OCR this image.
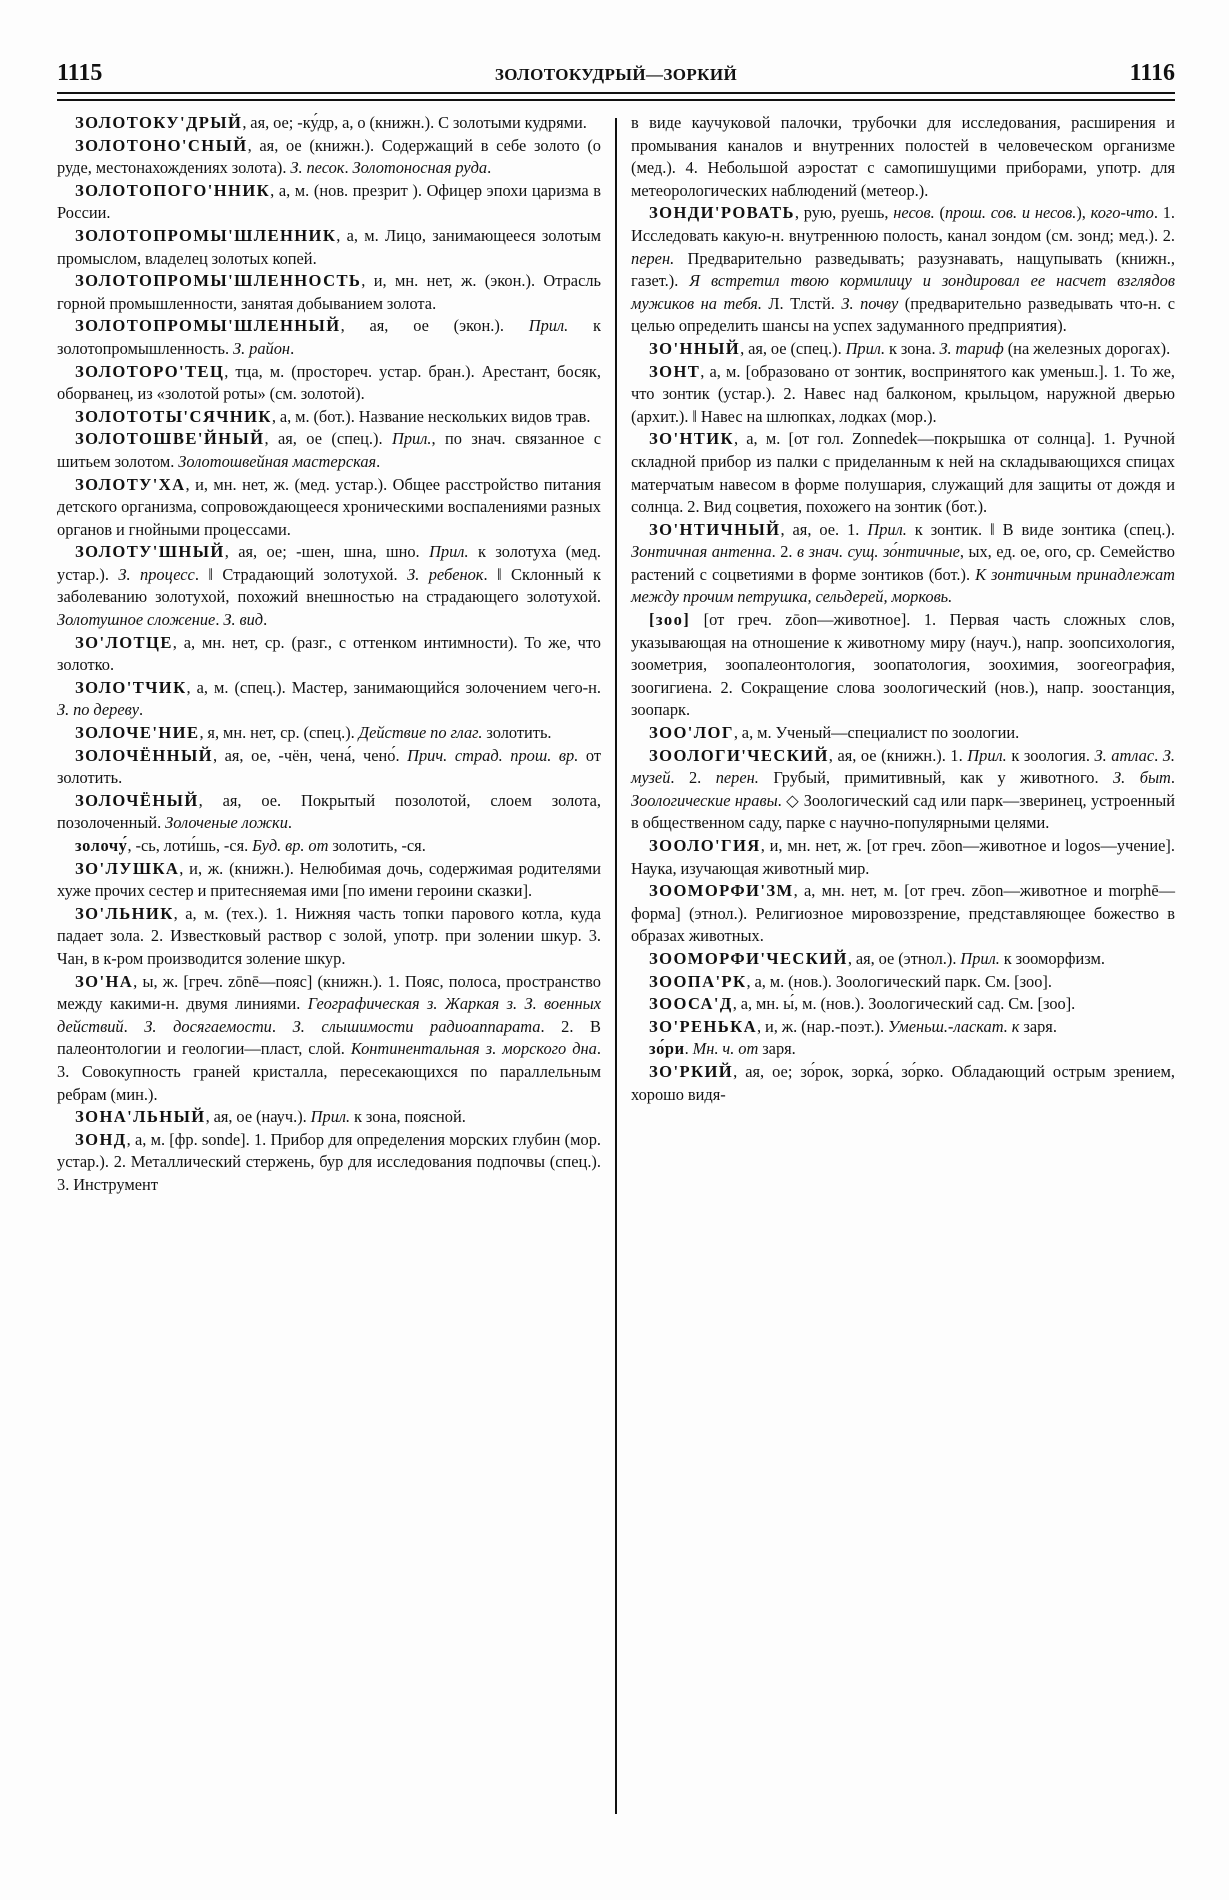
1115	ЗОЛОТОКУДРЫЙ—ЗОРКИЙ	1116

ЗОЛОТОКУ'ДРЫЙ, ая, ое; -ку́др, а, о (книжн.). С золотыми кудрями.

ЗОЛОТОНО'СНЫЙ, ая, ое (книжн.). Содержащий в себе золото (о руде, местонахождениях золота). З. песок. Золотоносная руда.

ЗОЛОТОПОГО'ННИК, а, м. (нов. презрит ). Офицер эпохи царизма в России.

ЗОЛОТОПРОМЫ'ШЛЕННИК, а, м. Лицо, занимающееся золотым промыслом, владелец золотых копей.

ЗОЛОТОПРОМЫ'ШЛЕННОСТЬ, и, мн. нет, ж. (экон.). Отрасль горной промышленности, занятая добыванием золота.

ЗОЛОТОПРОМЫ'ШЛЕННЫЙ, ая, ое (экон.). Прил. к золотопромышленность. З. район.

ЗОЛОТОРО'ТЕЦ, тца, м. (простореч. устар. бран.). Арестант, босяк, оборванец, из «золотой роты» (см. золотой).

ЗОЛОТОТЫ'СЯЧНИК, а, м. (бот.). Название нескольких видов трав.

ЗОЛОТОШВЕ'ЙНЫЙ, ая, ое (спец.). Прил., по знач. связанное с шитьем золотом. Золотошвейная мастерская.

ЗОЛОТУ'ХА, и, мн. нет, ж. (мед. устар.). Общее расстройство питания детского организма, сопровождающееся хроническими воспалениями разных органов и гнойными процессами.

ЗОЛОТУ'ШНЫЙ, ая, ое; -шен, шна, шно. Прил. к золотуха (мед. устар.). З. процесс. ‖ Страдающий золотухой. З. ребенок. ‖ Склонный к заболеванию золотухой, похожий внешностью на страдающего золотухой. Золотушное сложение. З. вид.

ЗО'ЛОТЦЕ, а, мн. нет, ср. (разг., с оттенком интимности). То же, что золотко.

ЗОЛО'ТЧИК, а, м. (спец.). Мастер, занимающийся золочением чего-н. З. по дереву.

ЗОЛОЧЕ'НИЕ, я, мн. нет, ср. (спец.). Действие по глаг. золотить.

ЗОЛОЧЁННЫЙ, ая, ое, -чён, чена́, чено́. Прич. страд. прош. вр. от золотить.

ЗОЛОЧЁНЫЙ, ая, ое. Покрытый позолотой, слоем золота, позолоченный. Золоченые ложки.

золочу́, -сь, лоти́шь, -ся. Буд. вр. от золотить, -ся.

ЗО'ЛУШКА, и, ж. (книжн.). Нелюбимая дочь, содержимая родителями хуже прочих сестер и притесняемая ими [по имени героини сказки].

ЗО'ЛЬНИК, а, м. (тех.). 1. Нижняя часть топки парового котла, куда падает зола. 2. Известковый раствор с золой, употр. при золении шкур. 3. Чан, в к-ром производится золение шкур.

ЗО'НА, ы, ж. [греч. zōnē—пояс] (книжн.). 1. Пояс, полоса, пространство между какими-н. двумя линиями. Географическая з. Жаркая з. З. военных действий. З. досягаемости. З. слышимости радиоаппарата. 2. В палеонтологии и геологии—пласт, слой. Континентальная з. морского дна. 3. Совокупность граней кристалла, пересекающихся по параллельным ребрам (мин.).

ЗОНА'ЛЬНЫЙ, ая, ое (науч.). Прил. к зона, поясной.

ЗОНД, а, м. [фр. sonde]. 1. Прибор для определения морских глубин (мор. устар.). 2. Металлический стержень, бур для исследования подпочвы (спец.). 3. Инструмент

в виде каучуковой палочки, трубочки для исследования, расширения и промывания каналов и внутренних полостей в человеческом организме (мед.). 4. Небольшой аэростат с самопишущими приборами, употр. для метеорологических наблюдений (метеор.).

ЗОНДИ'РОВАТЬ, рую, руешь, несов. (прош. сов. и несов.), кого-что. 1. Исследовать какую-н. внутреннюю полость, канал зондом (см. зонд; мед.). 2. перен. Предварительно разведывать; разузнавать, нащупывать (книжн., газет.). Я встретил твою кормилицу и зондировал ее насчет взглядов мужиков на тебя. Л. Тлстй. З. почву (предварительно разведывать что-н. с целью определить шансы на успех задуманного предприятия).

ЗО'ННЫЙ, ая, ое (спец.). Прил. к зона. З. тариф (на железных дорогах).

ЗОНТ, а, м. [образовано от зонтик, воспринятого как уменьш.]. 1. То же, что зонтик (устар.). 2. Навес над балконом, крыльцом, наружной дверью (архит.). ‖ Навес на шлюпках, лодках (мор.).

ЗО'НТИК, а, м. [от гол. Zonnedek—покрышка от солнца]. 1. Ручной складной прибор из палки с приделанным к ней на складывающихся спицах матерчатым навесом в форме полушария, служащий для защиты от дождя и солнца. 2. Вид соцветия, похожего на зонтик (бот.).

ЗО'НТИЧНЫЙ, ая, ое. 1. Прил. к зонтик. ‖ В виде зонтика (спец.). Зонтичная антенна. 2. в знач. сущ. зо́нтичные, ых, ед. ое, ого, ср. Семейство растений с соцветиями в форме зонтиков (бот.). К зонтичным принадлежат между прочим петрушка, сельдерей, морковь.

[зоо] [от греч. zōon—животное]. 1. Первая часть сложных слов, указывающая на отношение к животному миру (науч.), напр. зоопсихология, зоометрия, зоопалеонтология, зоопатология, зоохимия, зоогеография, зоогигиена. 2. Сокращение слова зоологический (нов.), напр. зоостанция, зоопарк.

ЗОО'ЛОГ, а, м. Ученый—специалист по зоологии.

ЗООЛОГИ'ЧЕСКИЙ, ая, ое (книжн.). 1. Прил. к зоология. З. атлас. З. музей. 2. перен. Грубый, примитивный, как у животного. З. быт. Зоологические нравы. ◇ Зоологический сад или парк—зверинец, устроенный в общественном саду, парке с научно-популярными целями.

ЗООЛО'ГИЯ, и, мн. нет, ж. [от греч. zōon—животное и logos—учение]. Наука, изучающая животный мир.

ЗООМОРФИ'ЗМ, а, мн. нет, м. [от греч. zōon—животное и morphē—форма] (этнол.). Религиозное мировоззрение, представляющее божество в образах животных.

ЗООМОРФИ'ЧЕСКИЙ, ая, ое (этнол.). Прил. к зооморфизм.

ЗООПА'РК, а, м. (нов.). Зоологический парк. См. [зоо].

ЗООСА'Д, а, мн. ы́, м. (нов.). Зоологический сад. См. [зоо].

ЗО'РЕНЬКА, и, ж. (нар.-поэт.). Уменьш.-ласкат. к заря.

зо́ри. Мн. ч. от заря.

ЗО'РКИЙ, ая, ое; зо́рок, зорка́, зо́рко. Обладающий острым зрением, хорошо видя-
